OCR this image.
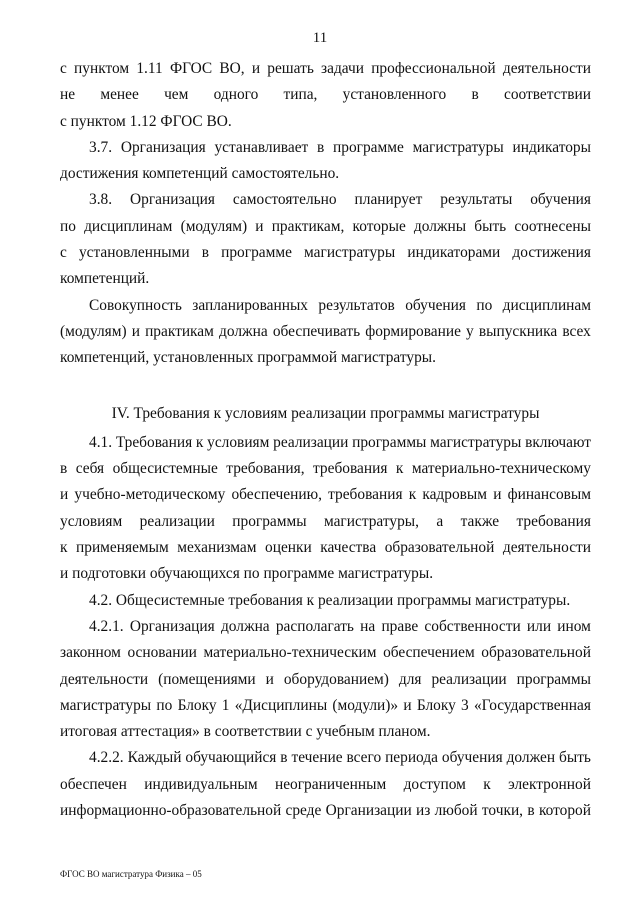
11
с пунктом 1.11 ФГОС ВО, и решать задачи профессиональной деятельности
не менее чем одного типа, установленного в соответствии
с пунктом 1.12 ФГОС ВО.
3.7. Организация устанавливает в программе магистратуры индикаторы
достижения компетенций самостоятельно.
3.8. Организация самостоятельно планирует результаты обучения
по дисциплинам (модулям) и практикам, которые должны быть соотнесены
с установленными в программе магистратуры индикаторами достижения
компетенций.
Совокупность запланированных результатов обучения по дисциплинам
(модулям) и практикам должна обеспечивать формирование у выпускника всех
компетенций, установленных программой магистратуры.
IV. Требования к условиям реализации программы магистратуры
4.1. Требования к условиям реализации программы магистратуры включают
в себя общесистемные требования, требования к материально-техническому
и учебно-методическому обеспечению, требования к кадровым и финансовым
условиям реализации программы магистратуры, а также требования
к применяемым механизмам оценки качества образовательной деятельности
и подготовки обучающихся по программе магистратуры.
4.2. Общесистемные требования к реализации программы магистратуры.
4.2.1. Организация должна располагать на праве собственности или ином
законном основании материально-техническим обеспечением образовательной
деятельности (помещениями и оборудованием) для реализации программы
магистратуры по Блоку 1 «Дисциплины (модули)» и Блоку 3 «Государственная
итоговая аттестация» в соответствии с учебным планом.
4.2.2. Каждый обучающийся в течение всего периода обучения должен быть
обеспечен индивидуальным неограниченным доступом к электронной
информационно-образовательной среде Организации из любой точки, в которой
ФГОС ВО магистратура Физика – 05
